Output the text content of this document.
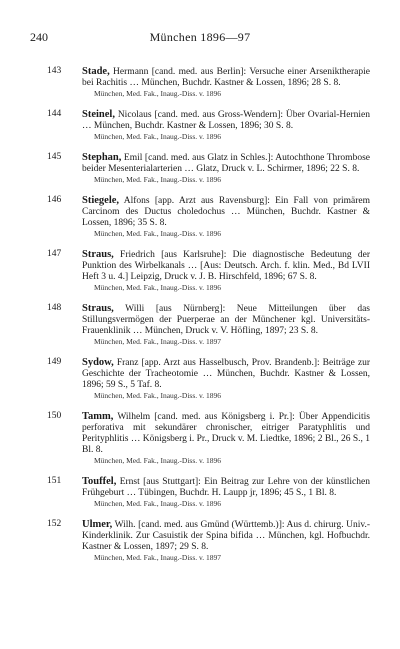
240	München 1896—97
143 Stade, Hermann [cand. med. aus Berlin]: Versuche einer Arseniktherapie bei Rachitis … München, Buchdr. Kastner & Lossen, 1896; 28 S. 8.
München, Med. Fak., Inaug.-Diss. v. 1896
144 Steinel, Nicolaus [cand. med. aus Gross-Wendern]: Über Ovarial-Hernien … München, Buchdr. Kastner & Lossen, 1896; 30 S. 8.
München, Med. Fak., Inaug.-Diss. v. 1896
145 Stephan, Emil [cand. med. aus Glatz in Schles.]: Autochthone Thrombose beider Mesenterialarterien … Glatz, Druck v. L. Schirmer, 1896; 22 S. 8.
München, Med. Fak., Inaug.-Diss. v. 1896
146 Stiegele, Alfons [app. Arzt aus Ravensburg]: Ein Fall von primärem Carcinom des Ductus choledochus … München, Buchdr. Kastner & Lossen, 1896; 35 S. 8.
München, Med. Fak., Inaug.-Diss. v. 1896
147 Straus, Friedrich [aus Karlsruhe]: Die diagnostische Bedeutung der Punktion des Wirbelkanals … [Aus: Deutsch. Arch. f. klin. Med., Bd LVII Heft 3 u. 4.] Leipzig, Druck v. J. B. Hirschfeld, 1896; 67 S. 8.
München, Med. Fak., Inaug.-Diss. v. 1896
148 Straus, Willi [aus Nürnberg]: Neue Mitteilungen über das Stillungsvermögen der Puerperae an der Münchener kgl. Universitäts-Frauenklinik … München, Druck v. V. Höfling, 1897; 23 S. 8.
München, Med. Fak., Inaug.-Diss. v. 1897
149 Sydow, Franz [app. Arzt aus Hasselbusch, Prov. Brandenb.]: Beiträge zur Geschichte der Tracheotomie … München, Buchdr. Kastner & Lossen, 1896; 59 S., 5 Taf. 8.
München, Med. Fak., Inaug.-Diss. v. 1896
150 Tamm, Wilhelm [cand. med. aus Königsberg i. Pr.]: Über Appendicitis perforativa mit sekundärer chronischer, eitriger Paratyphlitis und Perityphlitis … Königsberg i. Pr., Druck v. M. Liedtke, 1896; 2 Bl., 26 S., 1 Bl. 8.
München, Med. Fak., Inaug.-Diss. v. 1896
151 Touffel, Ernst [aus Stuttgart]: Ein Beitrag zur Lehre von der künstlichen Frühgeburt … Tübingen, Buchdr. H. Laupp jr, 1896; 45 S., 1 Bl. 8.
München, Med. Fak., Inaug.-Diss. v. 1896
152 Ulmer, Wilh. [cand. med. aus Gmünd (Württemb.)]: Aus d. chirurg. Univ.-Kinderklinik. Zur Casuistik der Spina bifida … München, kgl. Hofbuchdr. Kastner & Lossen, 1897; 29 S. 8.
München, Med. Fak., Inaug.-Diss. v. 1897
